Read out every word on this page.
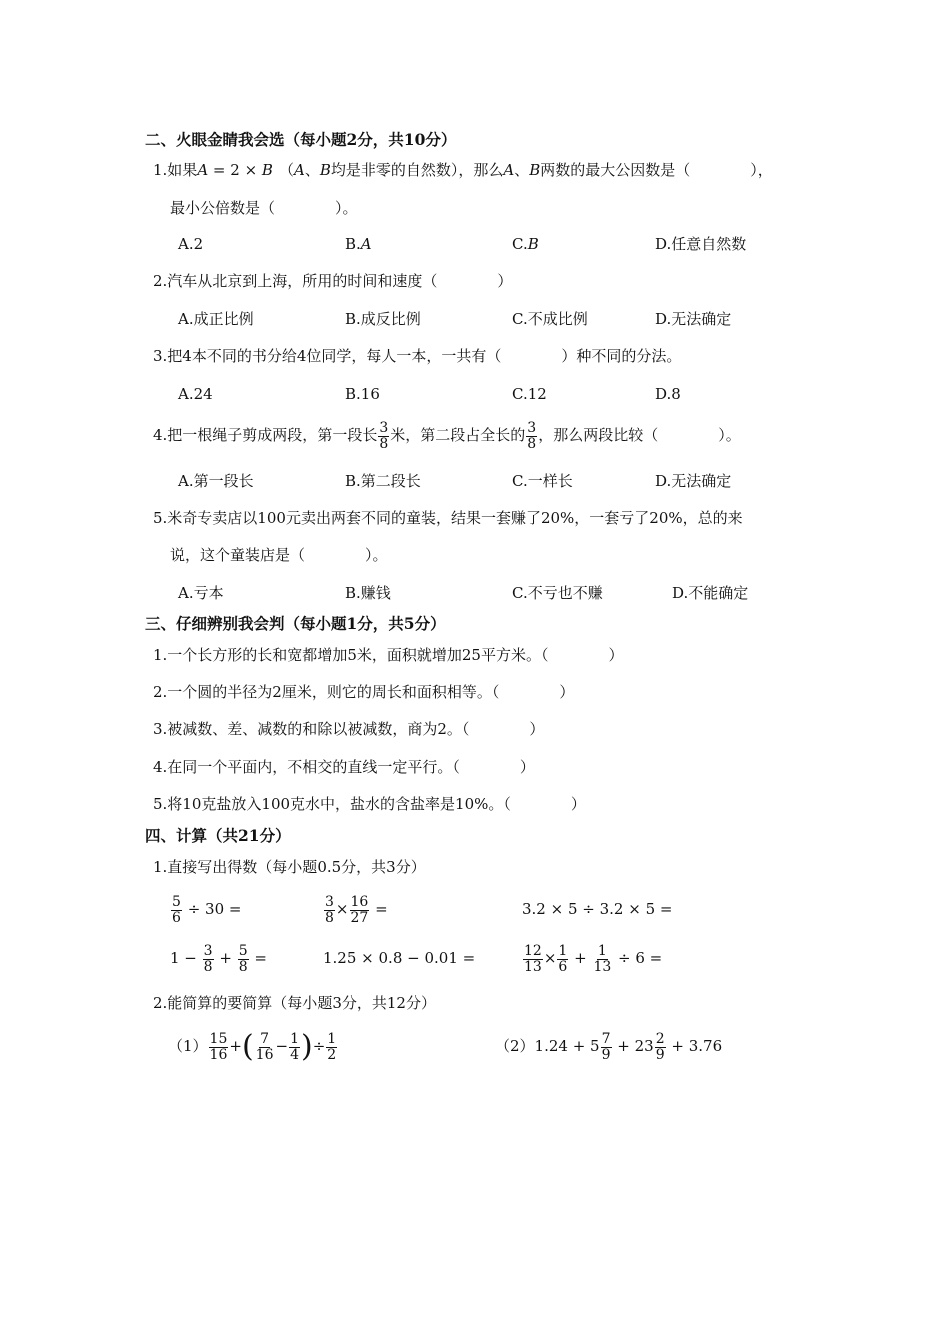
二、火眼金睛我会选（每小题2分，共10分）
1.如果A = 2 × B （A、B均是非零的自然数），那么A、B两数的最大公因数是（　　　　），
最小公倍数是（　　　　）。
A.2	B.A	C.B	D.任意自然数
2.汽车从北京到上海，所用的时间和速度（　　　　）
A.成正比例	B.成反比例	C.不成比例	D.无法确定
3.把4本不同的书分给4位同学，每人一本，一共有（　　　　）种不同的分法。
A.24	B.16	C.12	D.8
4.把一根绳子剪成两段，第一段长 $\frac{3}{8}$ 米，第二段占全长的 $\frac{3}{8}$ ，那么两段比较（　　　　）。
A.第一段长	B.第二段长	C.一样长	D.无法确定
5.米奇专卖店以100元卖出两套不同的童装，结果一套赚了20%，一套亏了20%，总的来
说，这个童装店是（　　　　）。
A.亏本	B.赚钱	C.不亏也不赚	D.不能确定
三、仔细辨别我会判（每小题1分，共5分）
1.一个长方形的长和宽都增加5米，面积就增加25平方米。（　　　　）
2.一个圆的半径为2厘米，则它的周长和面积相等。（　　　　）
3.被减数、差、减数的和除以被减数，商为2。（　　　　）
4.在同一个平面内，不相交的直线一定平行。（　　　　）
5.将10克盐放入100克水中，盐水的含盐率是10%。（　　　　）
四、计算（共21分）
1.直接写出得数（每小题0.5分，共3分）
$\frac{5}{6} \div 30$ =	$\frac{3}{8} \times \frac{16}{27}$ =	3.2 × 5 ÷ 3.2 × 5 =
$1 - \frac{3}{8} + \frac{5}{8}$ =	1.25 × 0.8 − 0.01 =	$\frac{12}{13} \times \frac{1}{6} + \frac{1}{13} \div 6$ =
2.能简算的要简算（每小题3分，共12分）
$(1) \frac{15}{16}$ +( $\frac{7}{16} - \frac{1}{4}$ )÷ $\frac{1}{2}$	$(2)1.24 + 5 \frac{7}{9} + 23 \frac{2}{9} + 3.76$
